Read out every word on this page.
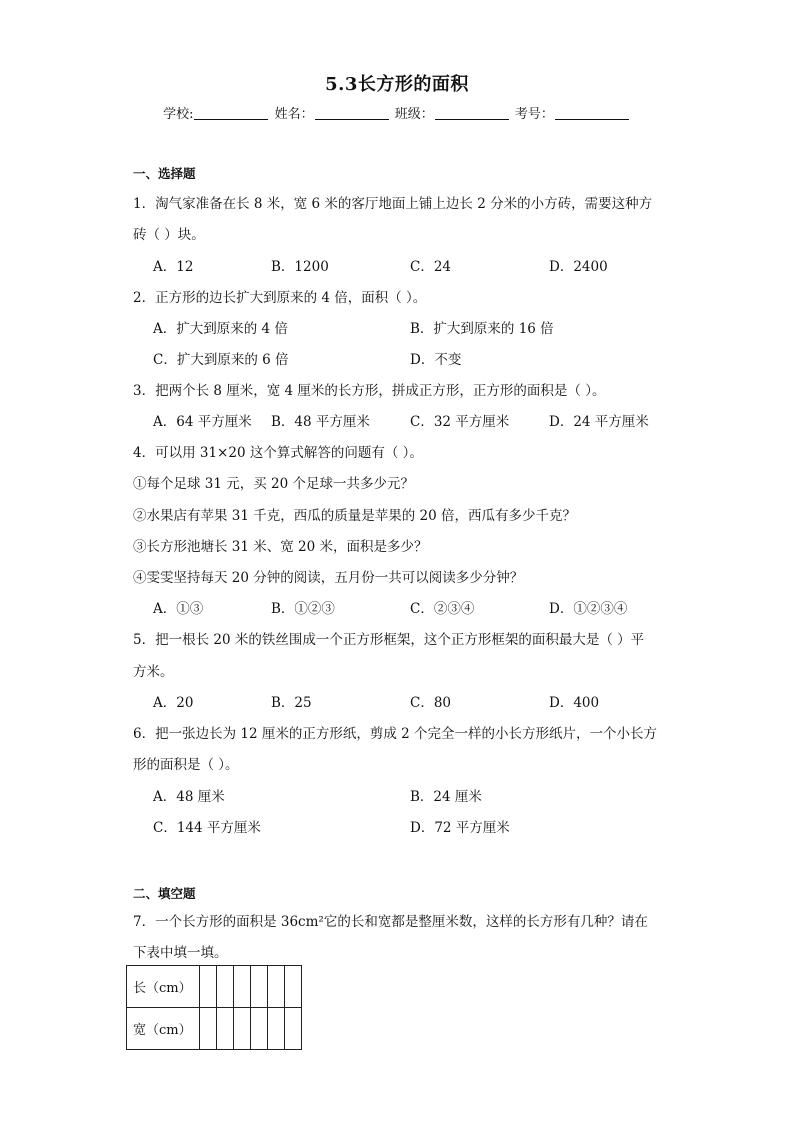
5.3长方形的面积
学校:	姓名：	班级：	考号：
一、选择题
1．淘气家准备在长 8 米，宽 6 米的客厅地面上铺上边长 2 分米的小方砖，需要这种方
砖（ ）块。
A．12	B．1200	C．24	D．2400
2．正方形的边长扩大到原来的 4 倍，面积（ ）。
A．扩大到原来的 4 倍	B．扩大到原来的 16 倍
C．扩大到原来的 6 倍	D．不变
3．把两个长 8 厘米，宽 4 厘米的长方形，拼成正方形，正方形的面积是（ ）。
A．64 平方厘米 B．48 平方厘米	C．32 平方厘米	D．24 平方厘米
4．可以用 31×20 这个算式解答的问题有（ ）。
①每个足球 31 元，买 20 个足球一共多少元？
②水果店有苹果 31 千克，西瓜的质量是苹果的 20 倍，西瓜有多少千克？
③长方形池塘长 31 米、宽 20 米，面积是多少？
④雯雯坚持每天 20 分钟的阅读，五月份一共可以阅读多少分钟？
A．①③	B．①②③	C．②③④	D．①②③④
5．把一根长 20 米的铁丝围成一个正方形框架，这个正方形框架的面积最大是（ ）平
方米。
A．20	B．25	C．80	D．400
6．把一张边长为 12 厘米的正方形纸，剪成 2 个完全一样的小长方形纸片，一个小长方
形的面积是（ ）。
A．48 厘米	B．24 厘米
C．144 平方厘米	D．72 平方厘米
二、填空题
7．一个长方形的面积是 36cm²它的长和宽都是整厘米数，这样的长方形有几种？请在
下表中填一填。
长（cm）						
宽（cm）						
